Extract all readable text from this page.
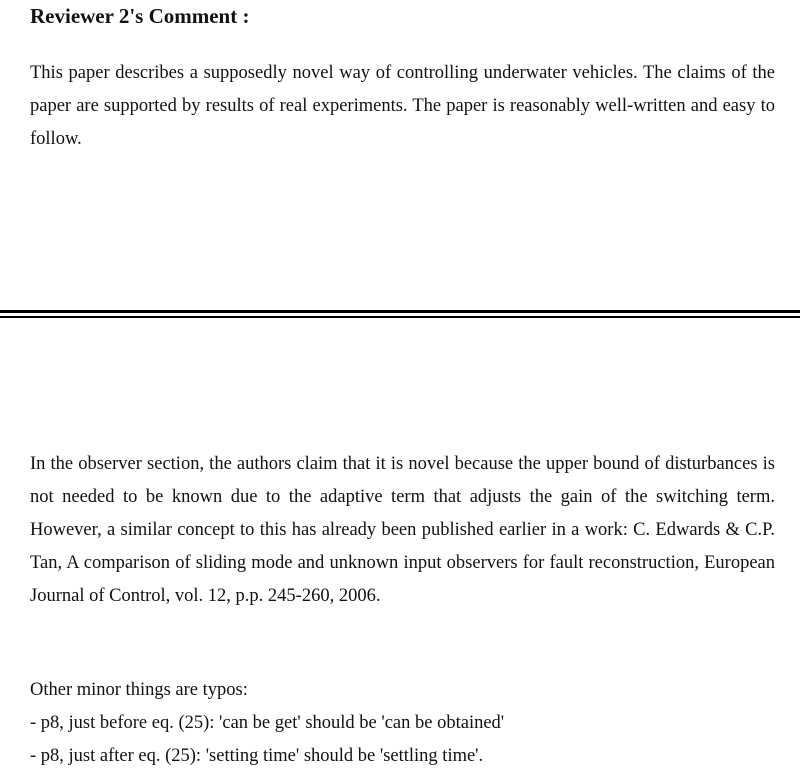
Reviewer 2's Comment :
This paper describes a supposedly novel way of controlling underwater vehicles. The claims of the paper are supported by results of real experiments. The paper is reasonably well-written and easy to follow.
In the observer section, the authors claim that it is novel because the upper bound of disturbances is not needed to be known due to the adaptive term that adjusts the gain of the switching term. However, a similar concept to this has already been published earlier in a work: C. Edwards & C.P. Tan, A comparison of sliding mode and unknown input observers for fault reconstruction, European Journal of Control, vol. 12, p.p. 245-260, 2006.
Other minor things are typos:
- p8, just before eq. (25): 'can be get' should be 'can be obtained'
- p8, just after eq. (25): 'setting time' should be 'settling time'.
